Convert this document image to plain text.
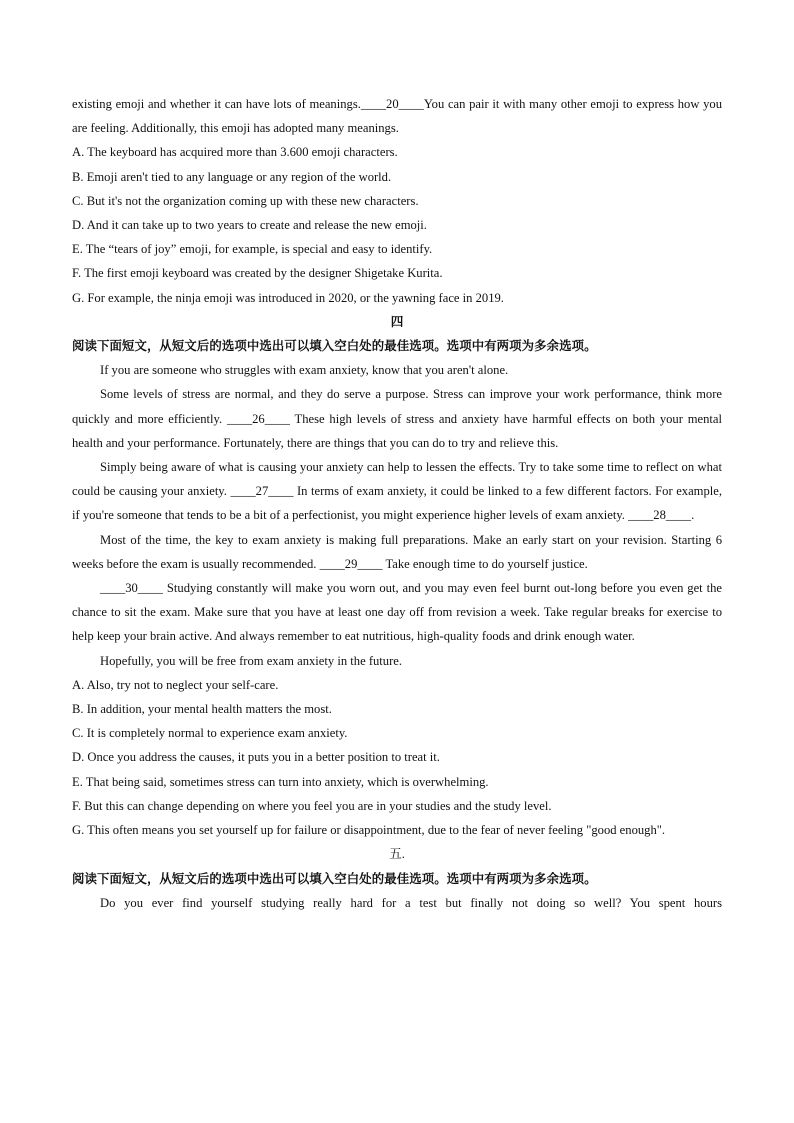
existing emoji and whether it can have lots of meanings.____20____You can pair it with many other emoji to express how you are feeling. Additionally, this emoji has adopted many meanings.

A. The keyboard has acquired more than 3.600 emoji characters.

B. Emoji aren't tied to any language or any region of the world.

C. But it's not the organization coming up with these new characters.

D. And it can take up to two years to create and release the new emoji.

E. The “tears of joy” emoji, for example, is special and easy to identify.

F. The first emoji keyboard was created by the designer Shigetake Kurita.

G. For example, the ninja emoji was introduced in 2020, or the yawning face in 2019.

四

阅读下面短文，从短文后的选项中选出可以填入空白处的最佳选项。选项中有两项为多余选项。

If you are someone who struggles with exam anxiety, know that you aren't alone.

Some levels of stress are normal, and they do serve a purpose. Stress can improve your work performance, think more quickly and more efficiently. ____26____ These high levels of stress and anxiety have harmful effects on both your mental health and your performance. Fortunately, there are things that you can do to try and relieve this.

Simply being aware of what is causing your anxiety can help to lessen the effects. Try to take some time to reflect on what could be causing your anxiety. ____27____ In terms of exam anxiety, it could be linked to a few different factors. For example, if you're someone that tends to be a bit of a perfectionist, you might experience higher levels of exam anxiety. ____28____.

Most of the time, the key to exam anxiety is making full preparations. Make an early start on your revision. Starting 6 weeks before the exam is usually recommended. ____29____ Take enough time to do yourself justice.

____30____ Studying constantly will make you worn out, and you may even feel burnt out-long before you even get the chance to sit the exam. Make sure that you have at least one day off from revision a week. Take regular breaks for exercise to help keep your brain active. And always remember to eat nutritious, high-quality foods and drink enough water.

Hopefully, you will be free from exam anxiety in the future.

A. Also, try not to neglect your self-care.

B. In addition, your mental health matters the most.

C. It is completely normal to experience exam anxiety.

D. Once you address the causes, it puts you in a better position to treat it.

E. That being said, sometimes stress can turn into anxiety, which is overwhelming.

F. But this can change depending on where you feel you are in your studies and the study level.

G. This often means you set yourself up for failure or disappointment, due to the fear of never feeling "good enough".

五.

阅读下面短文，从短文后的选项中选出可以填入空白处的最佳选项。选项中有两项为多余选项。

Do you ever find yourself studying really hard for a test but finally not doing so well? You spent hours
